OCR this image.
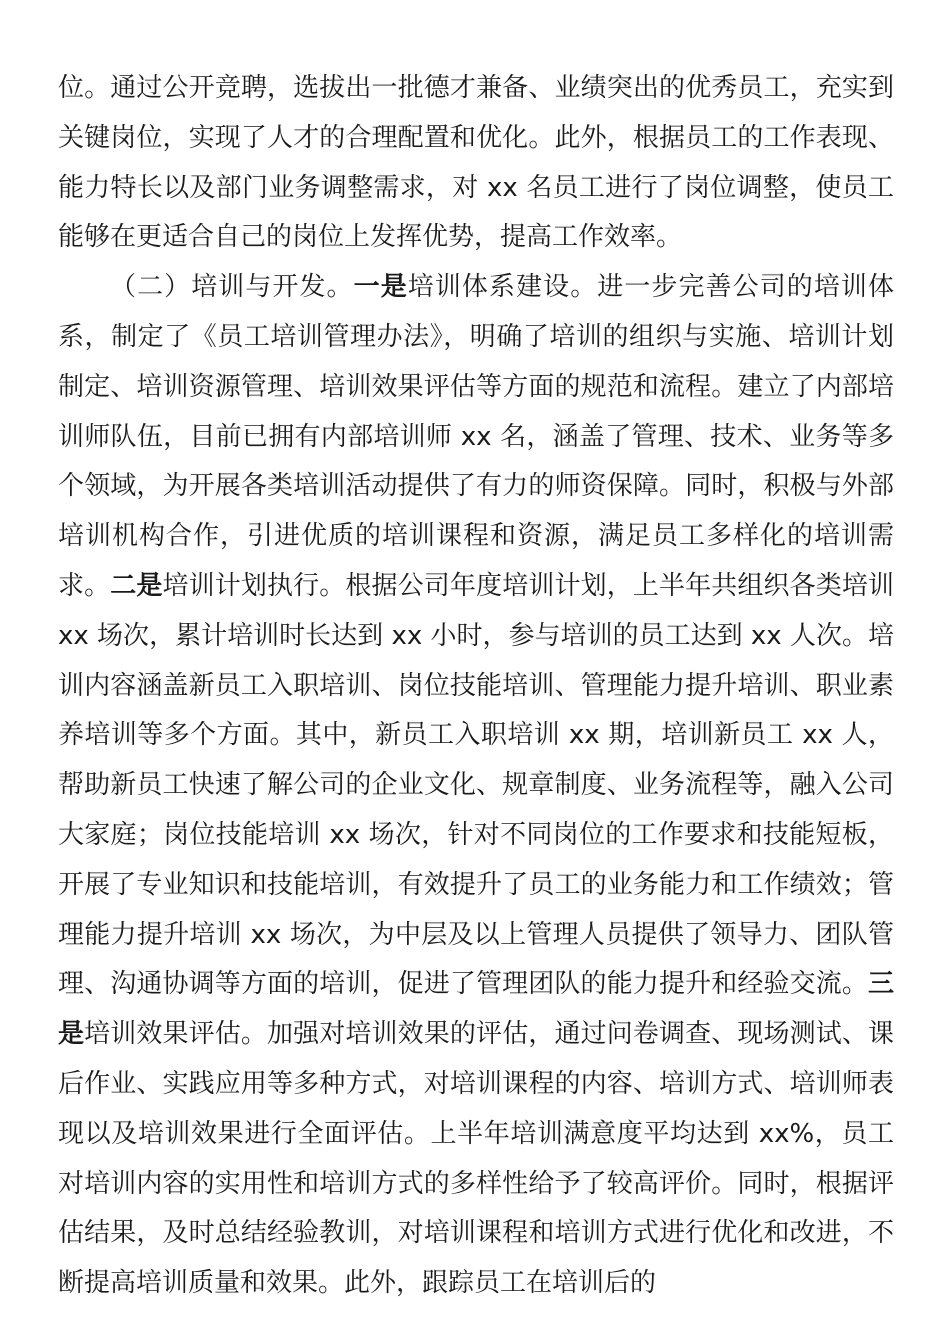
位。通过公开竞聘，选拔出一批德才兼备、业绩突出的优秀员工，充实到关键岗位，实现了人才的合理配置和优化。此外，根据员工的工作表现、能力特长以及部门业务调整需求，对 xx 名员工进行了岗位调整，使员工能够在更适合自己的岗位上发挥优势，提高工作效率。

（二）培训与开发。一是培训体系建设。进一步完善公司的培训体系，制定了《员工培训管理办法》，明确了培训的组织与实施、培训计划制定、培训资源管理、培训效果评估等方面的规范和流程。建立了内部培训师队伍，目前已拥有内部培训师 xx 名，涵盖了管理、技术、业务等多个领域，为开展各类培训活动提供了有力的师资保障。同时，积极与外部培训机构合作，引进优质的培训课程和资源，满足员工多样化的培训需求。二是培训计划执行。根据公司年度培训计划，上半年共组织各类培训 xx 场次，累计培训时长达到 xx 小时，参与培训的员工达到 xx 人次。培训内容涵盖新员工入职培训、岗位技能培训、管理能力提升培训、职业素养培训等多个方面。其中，新员工入职培训 xx 期，培训新员工 xx 人，帮助新员工快速了解公司的企业文化、规章制度、业务流程等，融入公司大家庭；岗位技能培训 xx 场次，针对不同岗位的工作要求和技能短板，开展了专业知识和技能培训，有效提升了员工的业务能力和工作绩效；管理能力提升培训 xx 场次，为中层及以上管理人员提供了领导力、团队管理、沟通协调等方面的培训，促进了管理团队的能力提升和经验交流。三是培训效果评估。加强对培训效果的评估，通过问卷调查、现场测试、课后作业、实践应用等多种方式，对培训课程的内容、培训方式、培训师表现以及培训效果进行全面评估。上半年培训满意度平均达到 xx%，员工对培训内容的实用性和培训方式的多样性给予了较高评价。同时，根据评估结果，及时总结经验教训，对培训课程和培训方式进行优化和改进，不断提高培训质量和效果。此外，跟踪员工在培训后的
